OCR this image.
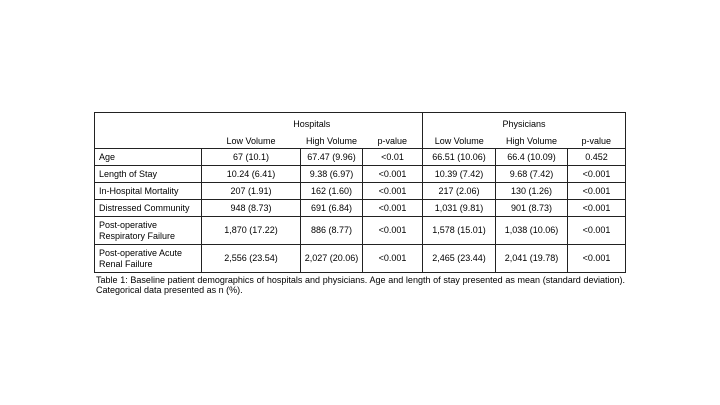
	Hospitals			Physicians		
	Low Volume	High Volume	p-value	Low Volume	High Volume	p-value
Age	67 (10.1)	67.47 (9.96)	<0.01	66.51 (10.06)	66.4 (10.09)	0.452
Length of Stay	10.24 (6.41)	9.38 (6.97)	<0.001	10.39 (7.42)	9.68 (7.42)	<0.001
In-Hospital Mortality	207 (1.91)	162 (1.60)	<0.001	217 (2.06)	130 (1.26)	<0.001
Distressed Community	948 (8.73)	691 (6.84)	<0.001	1,031 (9.81)	901 (8.73)	<0.001
Post-operative Respiratory Failure	1,870 (17.22)	886 (8.77)	<0.001	1,578 (15.01)	1,038 (10.06)	<0.001
Post-operative Acute Renal Failure	2,556 (23.54)	2,027 (20.06)	<0.001	2,465 (23.44)	2,041 (19.78)	<0.001

Table 1: Baseline patient demographics of hospitals and physicians. Age and length of stay presented as mean (standard deviation). Categorical data presented as n (%).
